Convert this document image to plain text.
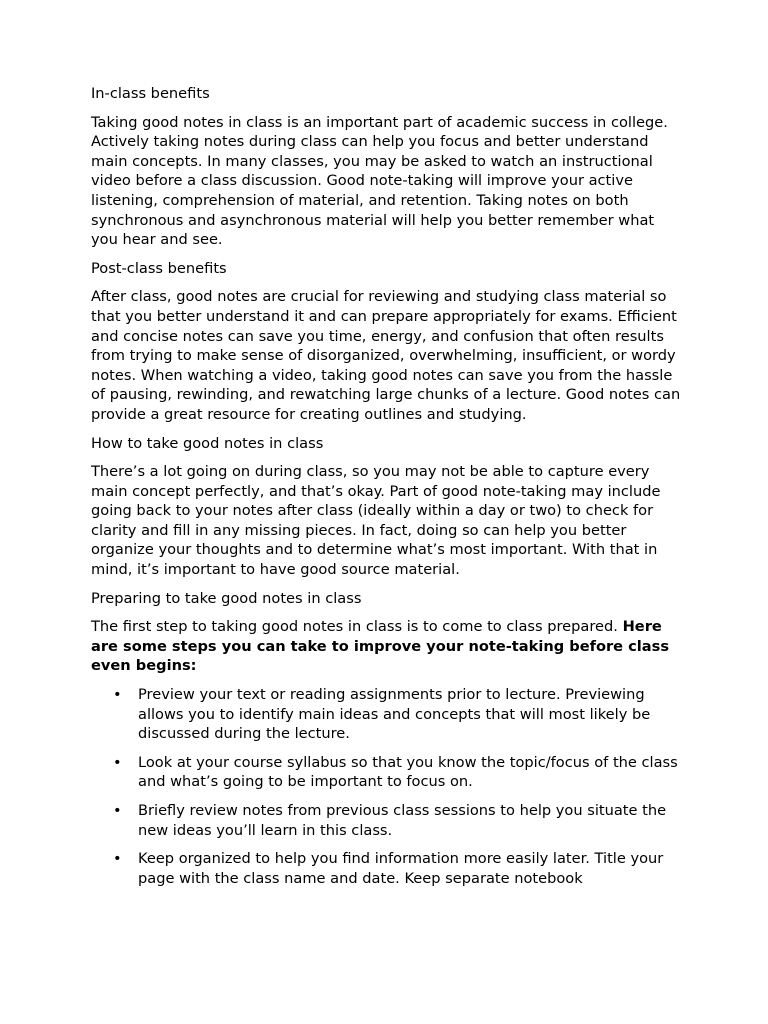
In-class benefits

Taking good notes in class is an important part of academic success in college. Actively taking notes during class can help you focus and better understand main concepts. In many classes, you may be asked to watch an instructional video before a class discussion. Good note-taking will improve your active listening, comprehension of material, and retention. Taking notes on both synchronous and asynchronous material will help you better remember what you hear and see.

Post-class benefits

After class, good notes are crucial for reviewing and studying class material so that you better understand it and can prepare appropriately for exams. Efficient and concise notes can save you time, energy, and confusion that often results from trying to make sense of disorganized, overwhelming, insufficient, or wordy notes. When watching a video, taking good notes can save you from the hassle of pausing, rewinding, and rewatching large chunks of a lecture. Good notes can provide a great resource for creating outlines and studying.

How to take good notes in class

There’s a lot going on during class, so you may not be able to capture every main concept perfectly, and that’s okay. Part of good note-taking may include going back to your notes after class (ideally within a day or two) to check for clarity and fill in any missing pieces. In fact, doing so can help you better organize your thoughts and to determine what’s most important. With that in mind, it’s important to have good source material.

Preparing to take good notes in class

The first step to taking good notes in class is to come to class prepared. Here are some steps you can take to improve your note-taking before class even begins:

• Preview your text or reading assignments prior to lecture. Previewing allows you to identify main ideas and concepts that will most likely be discussed during the lecture.
• Look at your course syllabus so that you know the topic/focus of the class and what’s going to be important to focus on.
• Briefly review notes from previous class sessions to help you situate the new ideas you’ll learn in this class.
• Keep organized to help you find information more easily later. Title your page with the class name and date. Keep separate notebook
